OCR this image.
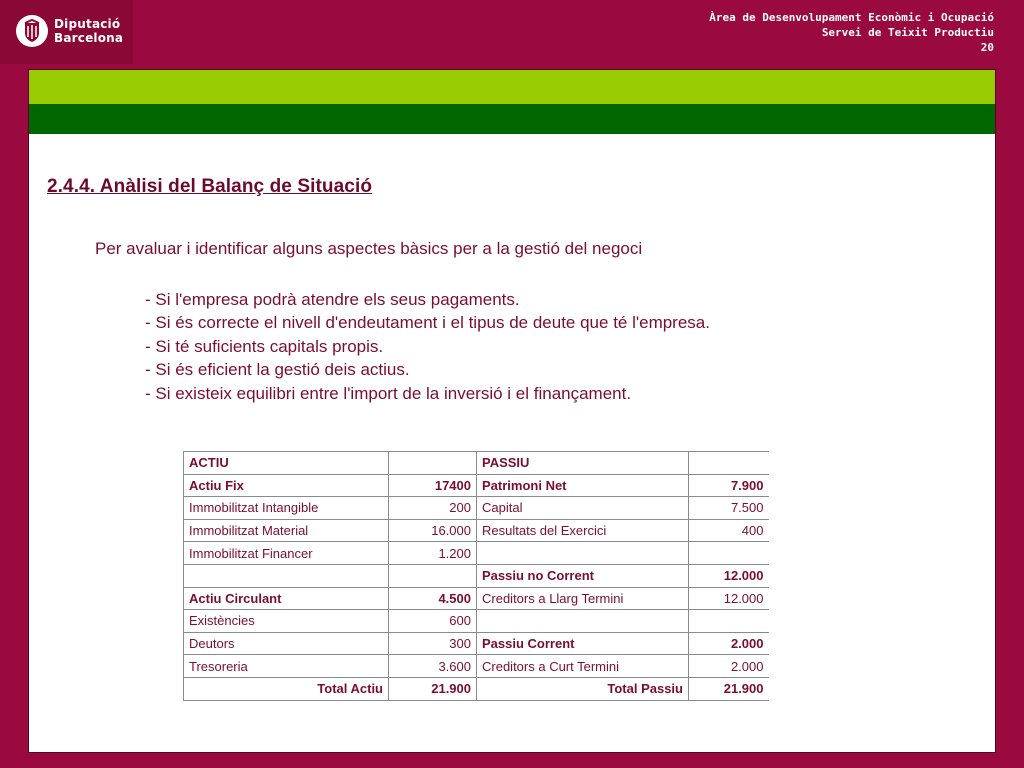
Diputació
Barcelona
Àrea de Desenvolupament Econòmic i Ocupació
Servei de Teixit Productiu
20
2.4.4. Anàlisi del Balanç de Situació
Per avaluar i identificar alguns aspectes bàsics per a la gestió del negoci
- Si l'empresa podrà atendre els seus pagaments.
- Si és correcte el nivell d'endeutament i el tipus de deute que té l'empresa.
- Si té suficients capitals propis.
- Si és eficient la gestió deis actius.
- Si existeix equilibri entre l'import de la inversió i el finançament.
ACTIU		PASSIU	
Actiu Fix	17400	Patrimoni Net	7.900
Immobilitzat Intangible	200	Capital	7.500
Immobilitzat Material	16.000	Resultats del Exercici	400
Immobilitzat Financer	1.200		
		Passiu no Corrent	12.000
Actiu Circulant	4.500	Creditors a Llarg Termini	12.000
Existències	600		
Deutors	300	Passiu Corrent	2.000
Tresoreria	3.600	Creditors a Curt Termini	2.000
Total Actiu	21.900	Total Passiu	21.900
